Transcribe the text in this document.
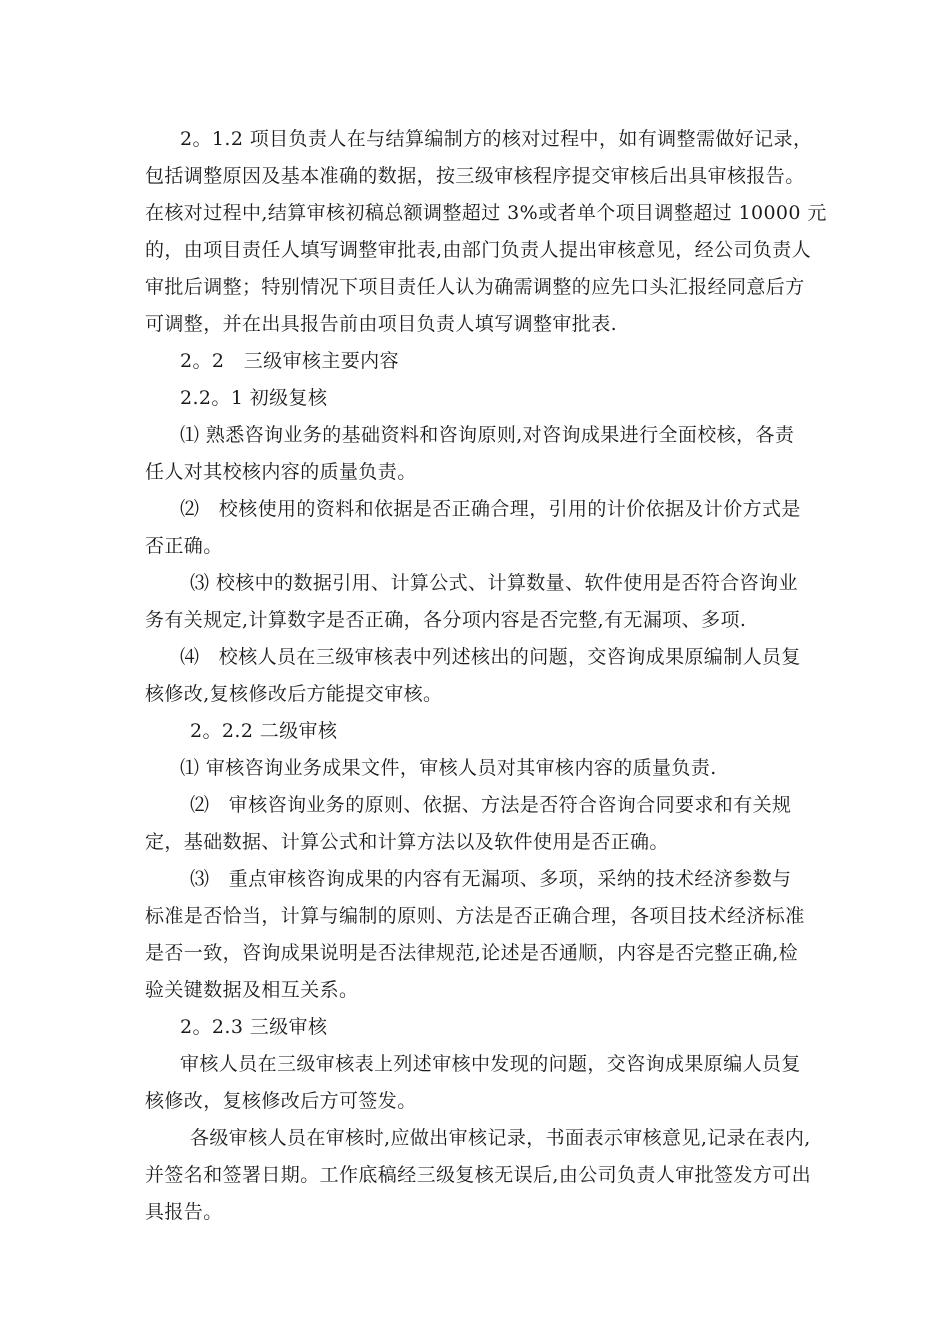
2。1.2 项目负责人在与结算编制方的核对过程中，如有调整需做好记录，
包括调整原因及基本准确的数据，按三级审核程序提交审核后出具审核报告。
在核对过程中,结算审核初稿总额调整超过 3%或者单个项目调整超过 10000 元
的，由项目责任人填写调整审批表,由部门负责人提出审核意见，经公司负责人
审批后调整；特别情况下项目责任人认为确需调整的应先口头汇报经同意后方
可调整，并在出具报告前由项目负责人填写调整审批表.
2。2　三级审核主要内容
2.2。1 初级复核
⑴ 熟悉咨询业务的基础资料和咨询原则,对咨询成果进行全面校核，各责
任人对其校核内容的质量负责。
⑵　校核使用的资料和依据是否正确合理，引用的计价依据及计价方式是
否正确。
⑶ 校核中的数据引用、计算公式、计算数量、软件使用是否符合咨询业
务有关规定,计算数字是否正确，各分项内容是否完整,有无漏项、多项.
⑷　校核人员在三级审核表中列述核出的问题，交咨询成果原编制人员复
核修改,复核修改后方能提交审核。
2。2.2 二级审核
⑴ 审核咨询业务成果文件，审核人员对其审核内容的质量负责.
⑵　审核咨询业务的原则、依据、方法是否符合咨询合同要求和有关规
定，基础数据、计算公式和计算方法以及软件使用是否正确。
⑶　重点审核咨询成果的内容有无漏项、多项，采纳的技术经济参数与
标准是否恰当，计算与编制的原则、方法是否正确合理，各项目技术经济标准
是否一致，咨询成果说明是否法律规范,论述是否通顺，内容是否完整正确,检
验关键数据及相互关系。
2。2.3 三级审核
审核人员在三级审核表上列述审核中发现的问题，交咨询成果原编人员复
核修改，复核修改后方可签发。
各级审核人员在审核时,应做出审核记录，书面表示审核意见,记录在表内,
并签名和签署日期。工作底稿经三级复核无误后,由公司负责人审批签发方可出
具报告。
